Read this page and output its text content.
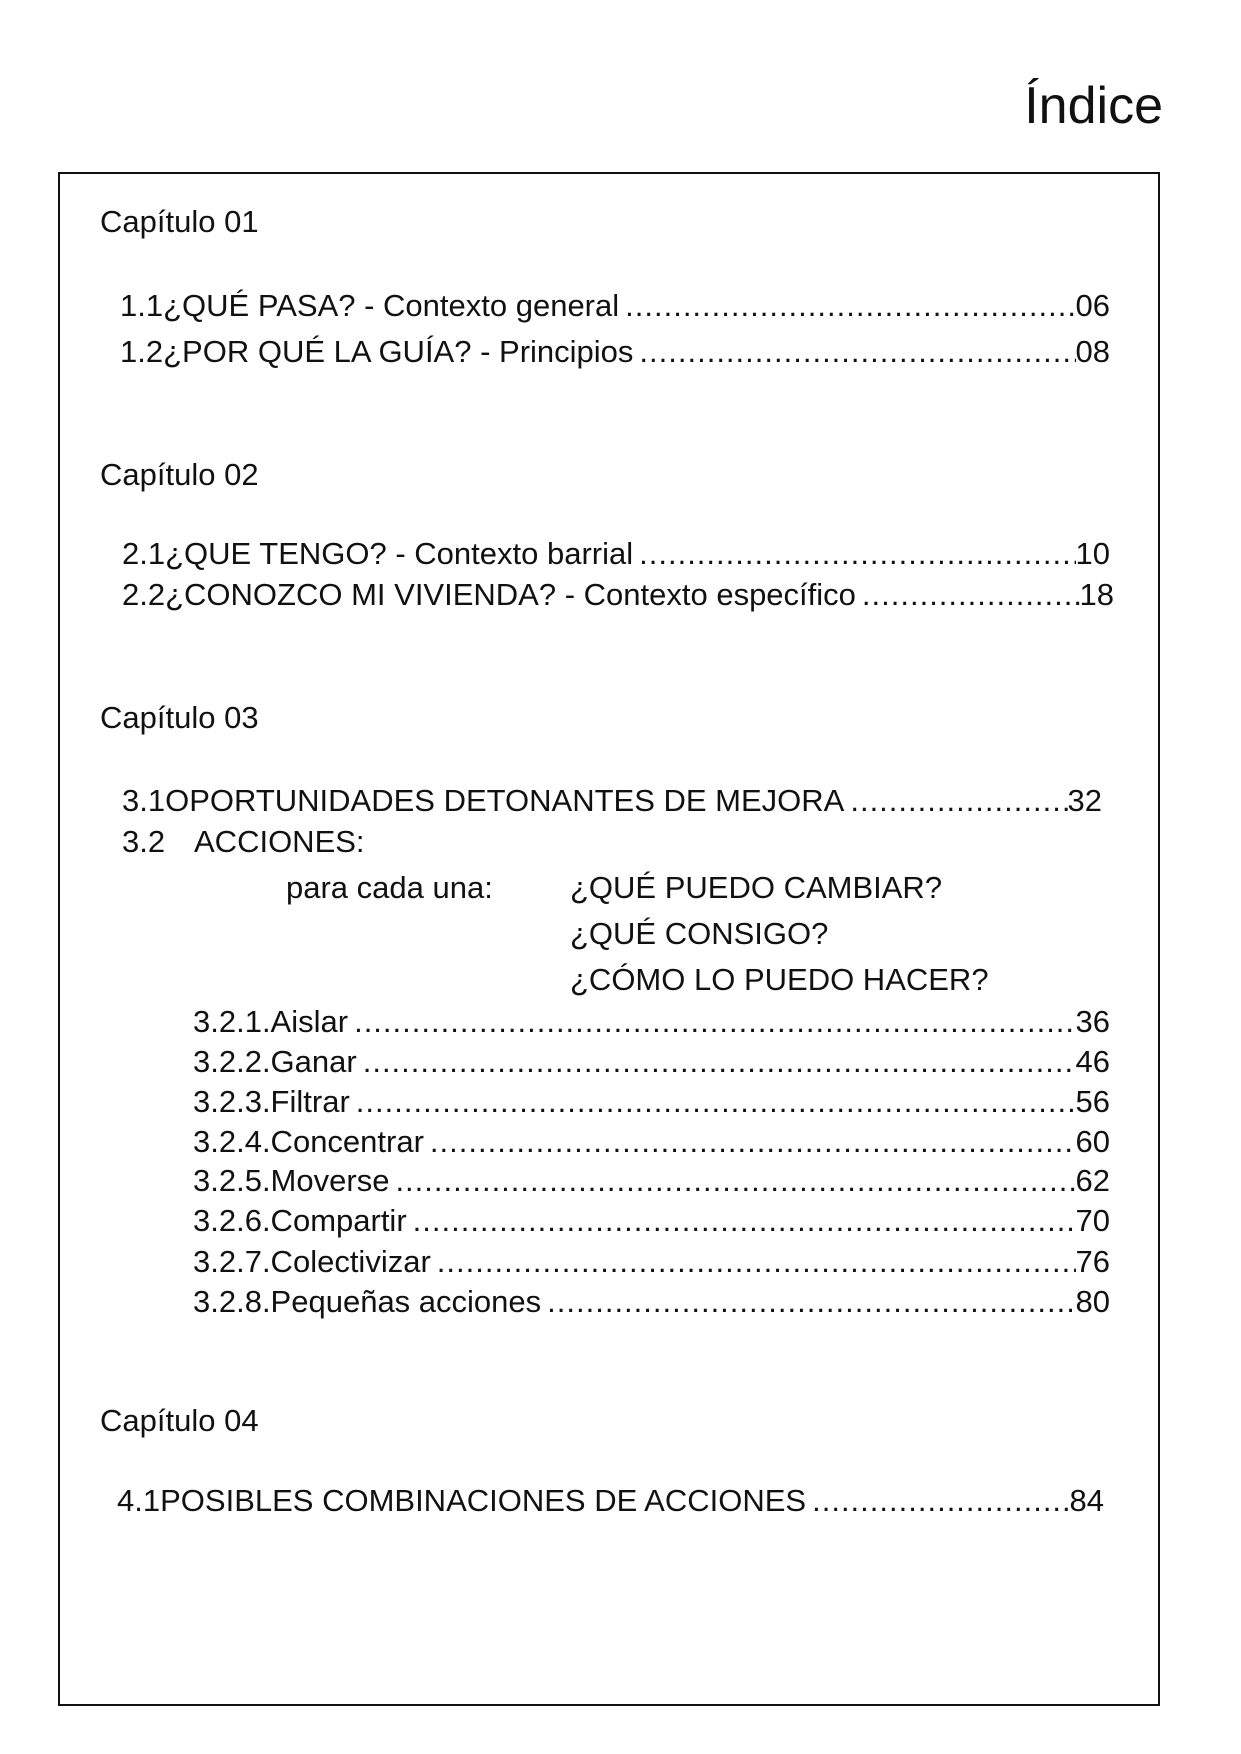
Índice
Capítulo 01
1.1 ¿QUÉ PASA? - Contexto general .....	06
1.2 ¿POR QUÉ LA GUÍA? - Principios .....	08
Capítulo 02
2.1 ¿QUE TENGO? - Contexto barrial .....	10
2.2 ¿CONOZCO MI VIVIENDA? - Contexto específico .....	18
Capítulo 03
3.1 OPORTUNIDADES DETONANTES DE MEJORA .....	32
3.2 ACCIONES:
para cada una: ¿QUÉ PUEDO CAMBIAR?
¿QUÉ CONSIGO?
¿CÓMO LO PUEDO HACER?
3.2.1.Aislar .....	36
3.2.2.Ganar .....	46
3.2.3.Filtrar .....	56
3.2.4.Concentrar .....	60
3.2.5.Moverse .....	62
3.2.6.Compartir .....	70
3.2.7.Colectivizar .....	76
3.2.8.Pequeñas acciones .....	80
Capítulo 04
4.1 POSIBLES COMBINACIONES DE ACCIONES .....	84
